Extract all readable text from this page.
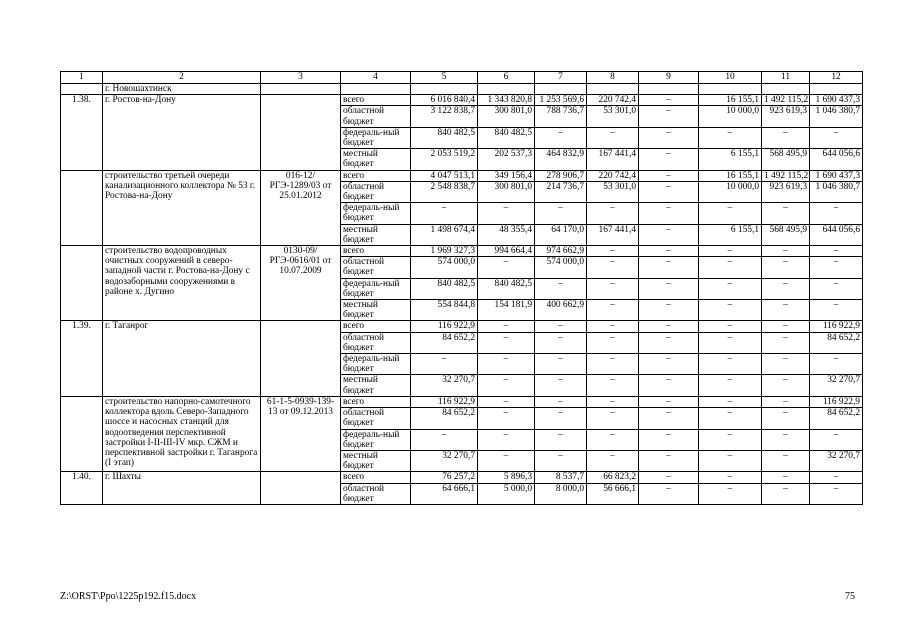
1	2	3	4	5	6	7	8	9	10	11	12
	г. Новошахтинск										
1.38.	г. Ростов-на-Дону		всего	6 016 840,4	1 343 820,8	1 253 569,6	220 742,4	–	16 155,1	1 492 115,2	1 690 437,3
			областной бюджет	3 122 838,7	300 801,0	788 736,7	53 301,0	–	10 000,0	923 619,3	1 046 380,7
			федераль-ный бюджет	840 482,5	840 482,5	–	–	–	–	–	–
			местный бюджет	2 053 519,2	202 537,3	464 832,9	167 441,4	–	6 155,1	568 495,9	644 056,6
	строительство третьей очереди канализационного коллектора № 53 г. Ростова-на-Дону	016-12/РГЭ-1289/03 от 25.01.2012	всего	4 047 513,1	349 156,4	278 906,7	220 742,4	–	16 155,1	1 492 115,2	1 690 437,3
			областной бюджет	2 548 838,7	300 801,0	214 736,7	53 301,0	–	10 000,0	923 619,3	1 046 380,7
			федераль-ный бюджет	–	–	–	–	–	–	–	–
			местный бюджет	1 498 674,4	48 355,4	64 170,0	167 441,4	–	6 155,1	568 495,9	644 056,6
	строительство водопроводных очистных сооружений в северо-западной части г. Ростова-на-Дону с водозаборными сооружениями в районе х. Дугино	0130-09/РГЭ-0616/01 от 10.07.2009	всего	1 969 327,3	994 664,4	974 662,9	–	–	–	–	–
			областной бюджет	574 000,0	–	574 000,0	–	–	–	–	–
			федераль-ный бюджет	840 482,5	840 482,5	–	–	–	–	–	–
			местный бюджет	554 844,8	154 181,9	400 662,9	–	–	–	–	–
1.39.	г. Таганрог		всего	116 922,9	–	–	–	–	–	–	116 922,9
			областной бюджет	84 652,2	–	–	–	–	–	–	84 652,2
			федераль-ный бюджет	–	–	–	–	–	–	–	–
			местный бюджет	32 270,7	–	–	–	–	–	–	32 270,7
	строительство напорно-самотечного коллектора вдоль Северо-Западного шоссе и насосных станций для водоотведения перспективной застройки I-II-III-IV мкр. СЖМ и перспективной застройки г. Таганрога (I этап)	61-1-5-0939-139-13 от 09.12.2013	всего	116 922,9	–	–	–	–	–	–	116 922,9
			областной бюджет	84 652,2	–	–	–	–	–	–	84 652,2
			федераль-ный бюджет	–	–	–	–	–	–	–	–
			местный бюджет	32 270,7	–	–	–	–	–	–	32 270,7
1.40.	г. Шахты		всего	76 257,2	5 896,3	8 537,7	66 823,2	–	–	–	–
			областной бюджет	64 666,1	5 000,0	8 000,0	56 666,1	–	–	–	–
Z:\ORST\Ppo\1225p192.f15.docx	75
